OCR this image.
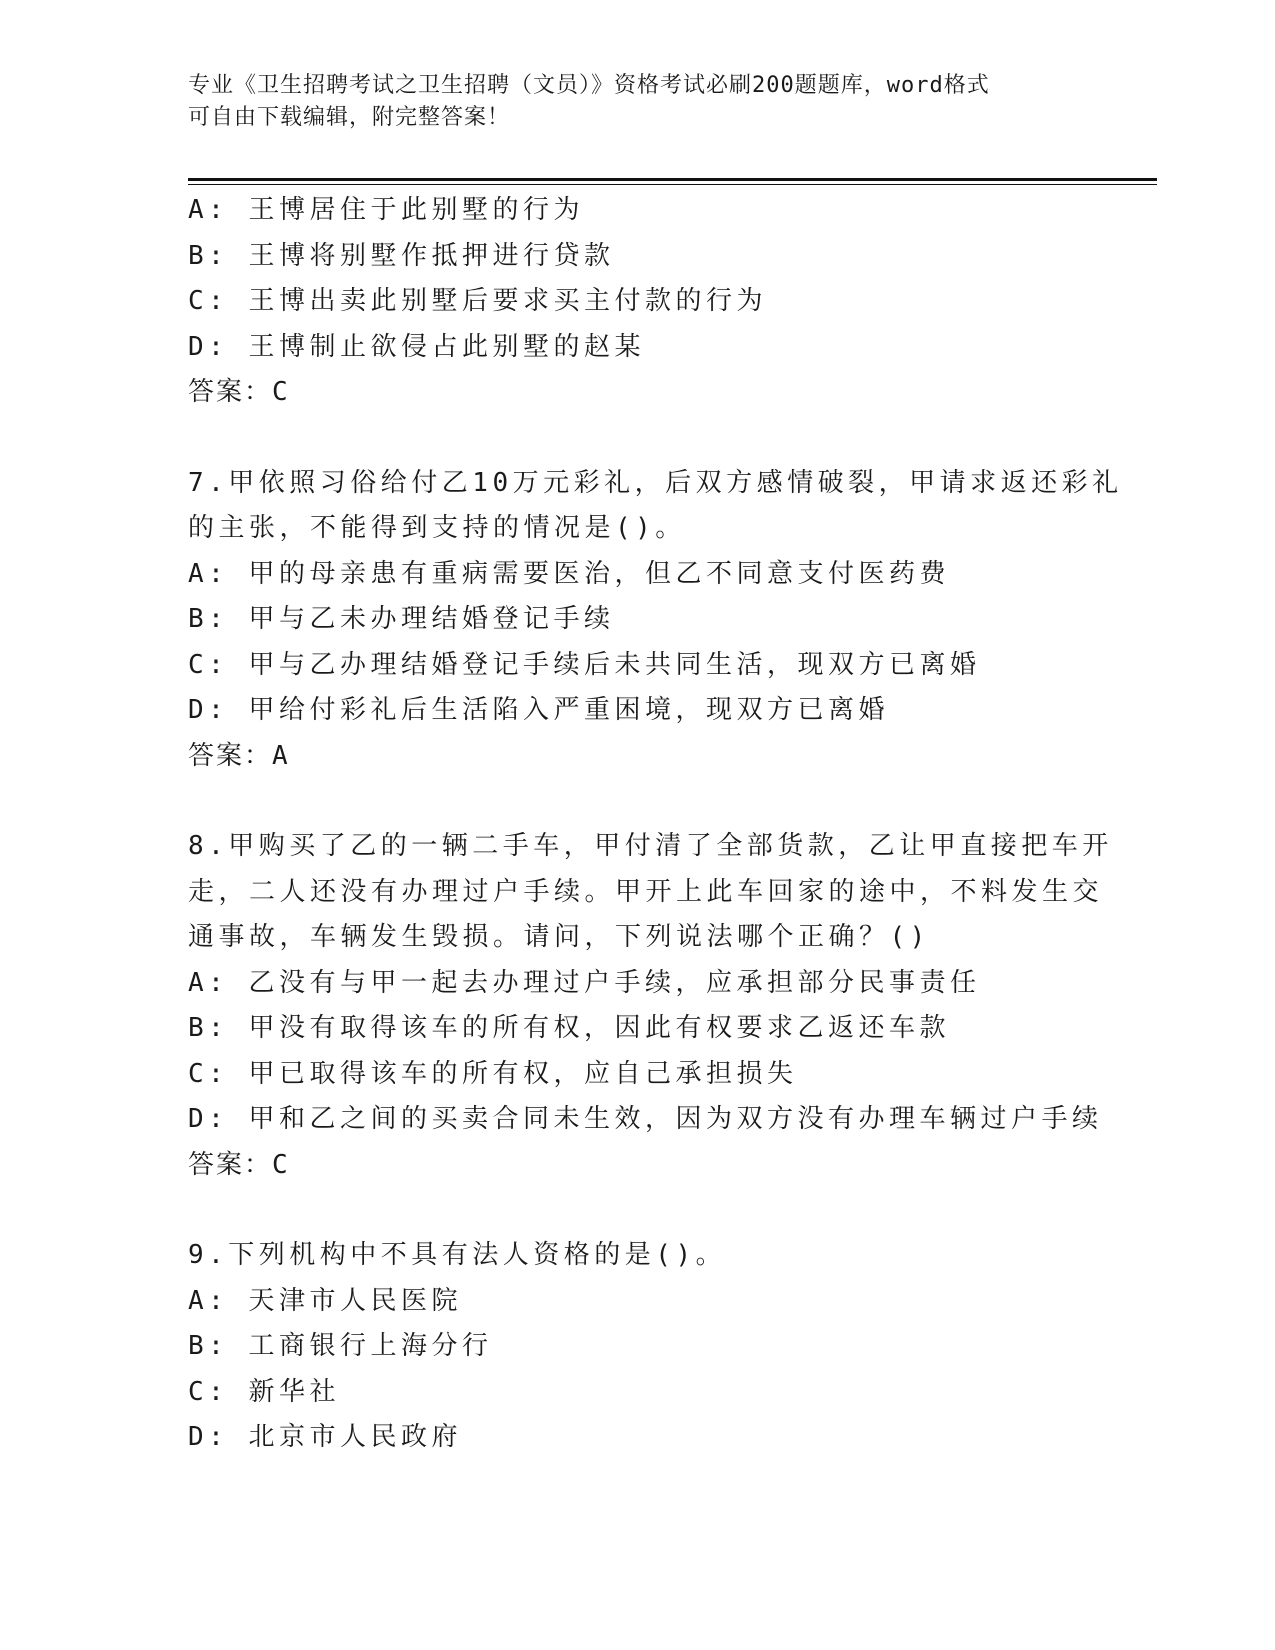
专业《卫生招聘考试之卫生招聘（文员）》资格考试必刷200题题库，word格式
可自由下载编辑，附完整答案！
A: 王博居住于此别墅的行为
B: 王博将别墅作抵押进行贷款
C: 王博出卖此别墅后要求买主付款的行为
D: 王博制止欲侵占此别墅的赵某
答案：C
7.甲依照习俗给付乙10万元彩礼，后双方感情破裂，甲请求返还彩礼
的主张，不能得到支持的情况是()。
A: 甲的母亲患有重病需要医治，但乙不同意支付医药费
B: 甲与乙未办理结婚登记手续
C: 甲与乙办理结婚登记手续后未共同生活，现双方已离婚
D: 甲给付彩礼后生活陷入严重困境，现双方已离婚
答案：A
8.甲购买了乙的一辆二手车，甲付清了全部货款，乙让甲直接把车开
走，二人还没有办理过户手续。甲开上此车回家的途中，不料发生交
通事故，车辆发生毁损。请问，下列说法哪个正确？()
A: 乙没有与甲一起去办理过户手续，应承担部分民事责任
B: 甲没有取得该车的所有权，因此有权要求乙返还车款
C: 甲已取得该车的所有权，应自己承担损失
D: 甲和乙之间的买卖合同未生效，因为双方没有办理车辆过户手续
答案：C
9.下列机构中不具有法人资格的是()。
A: 天津市人民医院
B: 工商银行上海分行
C: 新华社
D: 北京市人民政府
